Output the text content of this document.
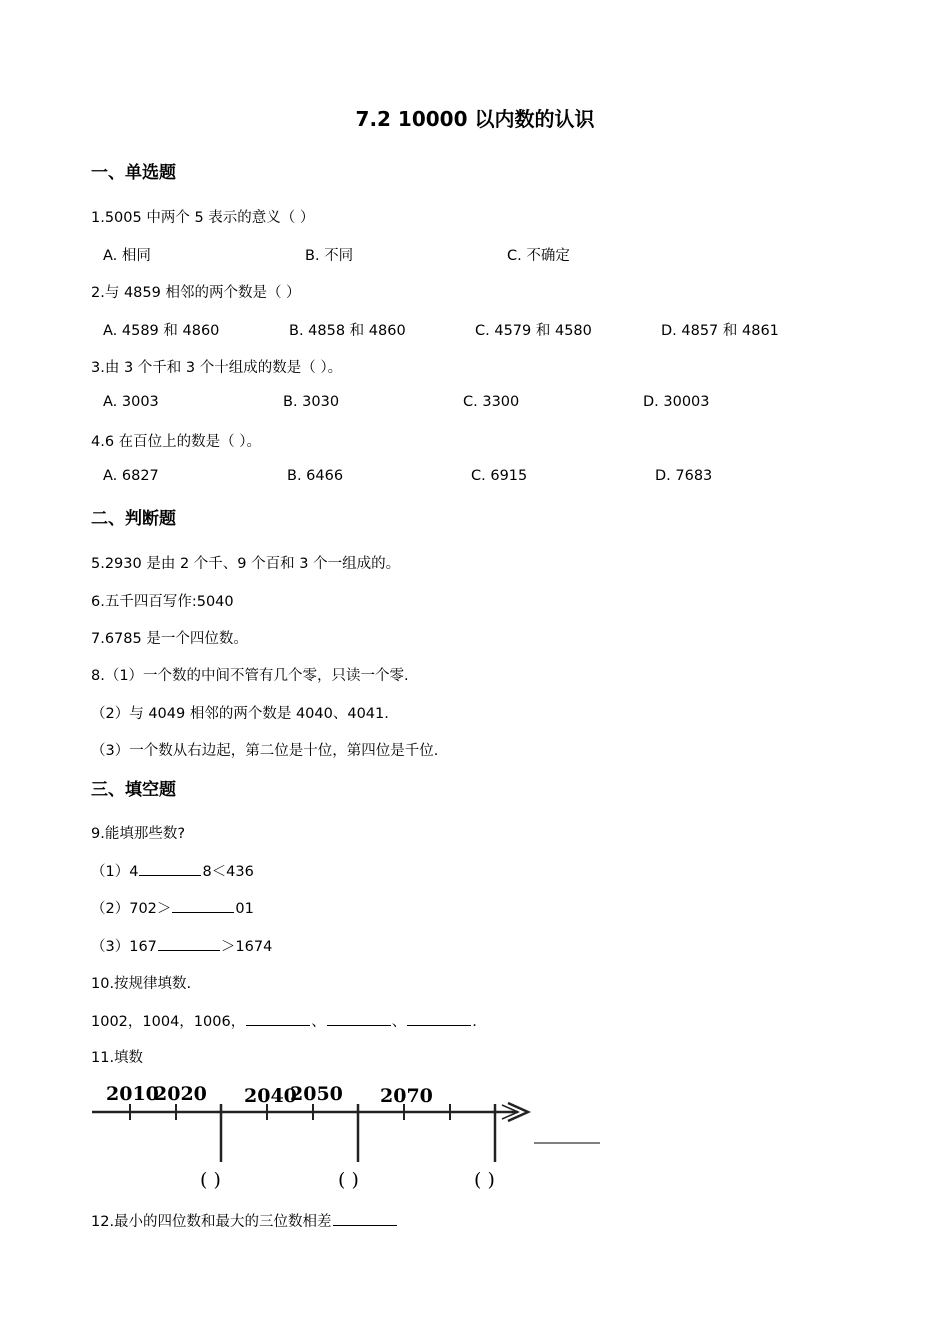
7.2 10000 以内数的认识
一、单选题
1.5005 中两个 5 表示的意义（ ）
A. 相同	B. 不同	C. 不确定
2.与 4859 相邻的两个数是（ ）
A. 4589 和 4860	B. 4858 和 4860	C. 4579 和 4580	D. 4857 和 4861
3.由 3 个千和 3 个十组成的数是（ ）。
A. 3003	B. 3030	C. 3300	D. 30003
4.6 在百位上的数是（ ）。
A. 6827	B. 6466	C. 6915	D. 7683
二、判断题
5.2930 是由 2 个千、9 个百和 3 个一组成的。
6.五千四百写作:5040
7.6785 是一个四位数。
8.（1）一个数的中间不管有几个零，只读一个零.
（2）与 4049 相邻的两个数是 4040、4041.
（3）一个数从右边起，第二位是十位，第四位是千位.
三、填空题
9.能填那些数?
（1）4	8＜436
（2）702＞	01
（3）167	＞1674
10.按规律填数.
1002，1004，1006，	、	、	.
11.填数
2010
2020 2040
2050 2070
( )	( )	( )
12.最小的四位数和最大的三位数相差
